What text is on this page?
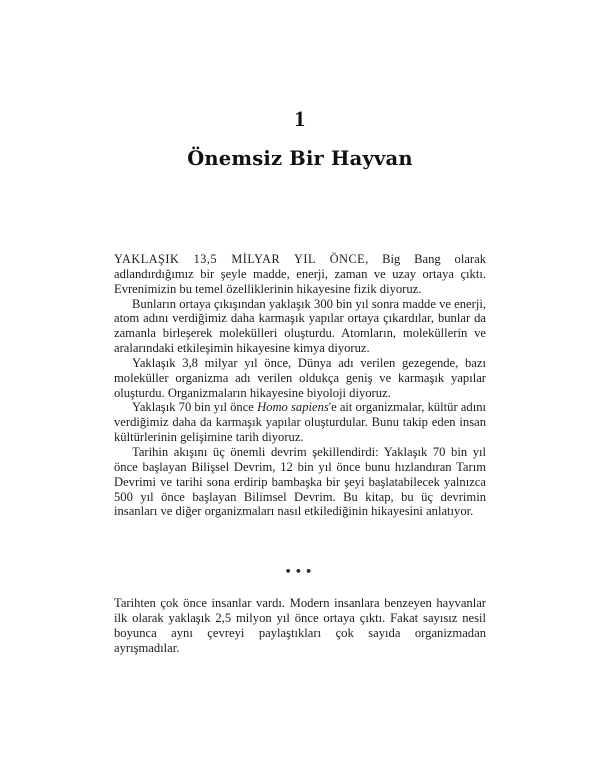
1
Önemsiz Bir Hayvan

YAKLAŞIK 13,5 MİLYAR YIL ÖNCE, Big Bang olarak adlandırdığımız bir şeyle madde, enerji, zaman ve uzay ortaya çıktı. Evrenimizin bu temel özelliklerinin hikayesine fizik diyoruz.

Bunların ortaya çıkışından yaklaşık 300 bin yıl sonra madde ve enerji, atom adını verdiğimiz daha karmaşık yapılar ortaya çıkardılar, bunlar da zamanla birleşerek molekülleri oluşturdu. Atomların, moleküllerin ve aralarındaki etkileşimin hikayesine kimya diyoruz.

Yaklaşık 3,8 milyar yıl önce, Dünya adı verilen gezegende, bazı moleküller organizma adı verilen oldukça geniş ve karmaşık yapılar oluşturdu. Organizmaların hikayesine biyoloji diyoruz.

Yaklaşık 70 bin yıl önce Homo sapiens'e ait organizmalar, kültür adını verdiğimiz daha da karmaşık yapılar oluşturdular. Bunu takip eden insan kültürlerinin gelişimine tarih diyoruz.

Tarihin akışını üç önemli devrim şekillendirdi: Yaklaşık 70 bin yıl önce başlayan Bilişsel Devrim, 12 bin yıl önce bunu hızlandıran Tarım Devrimi ve tarihi sona erdirip bambaşka bir şeyi başlatabilecek yalnızca 500 yıl önce başlayan Bilimsel Devrim. Bu kitap, bu üç devrimin insanları ve diğer organizmaları nasıl etkilediğinin hikayesini anlatıyor.

•••

Tarihten çok önce insanlar vardı. Modern insanlara benzeyen hayvanlar ilk olarak yaklaşık 2,5 milyon yıl önce ortaya çıktı. Fakat sayısız nesil boyunca aynı çevreyi paylaştıkları çok sayıda organizmadan ayrışmadılar.
